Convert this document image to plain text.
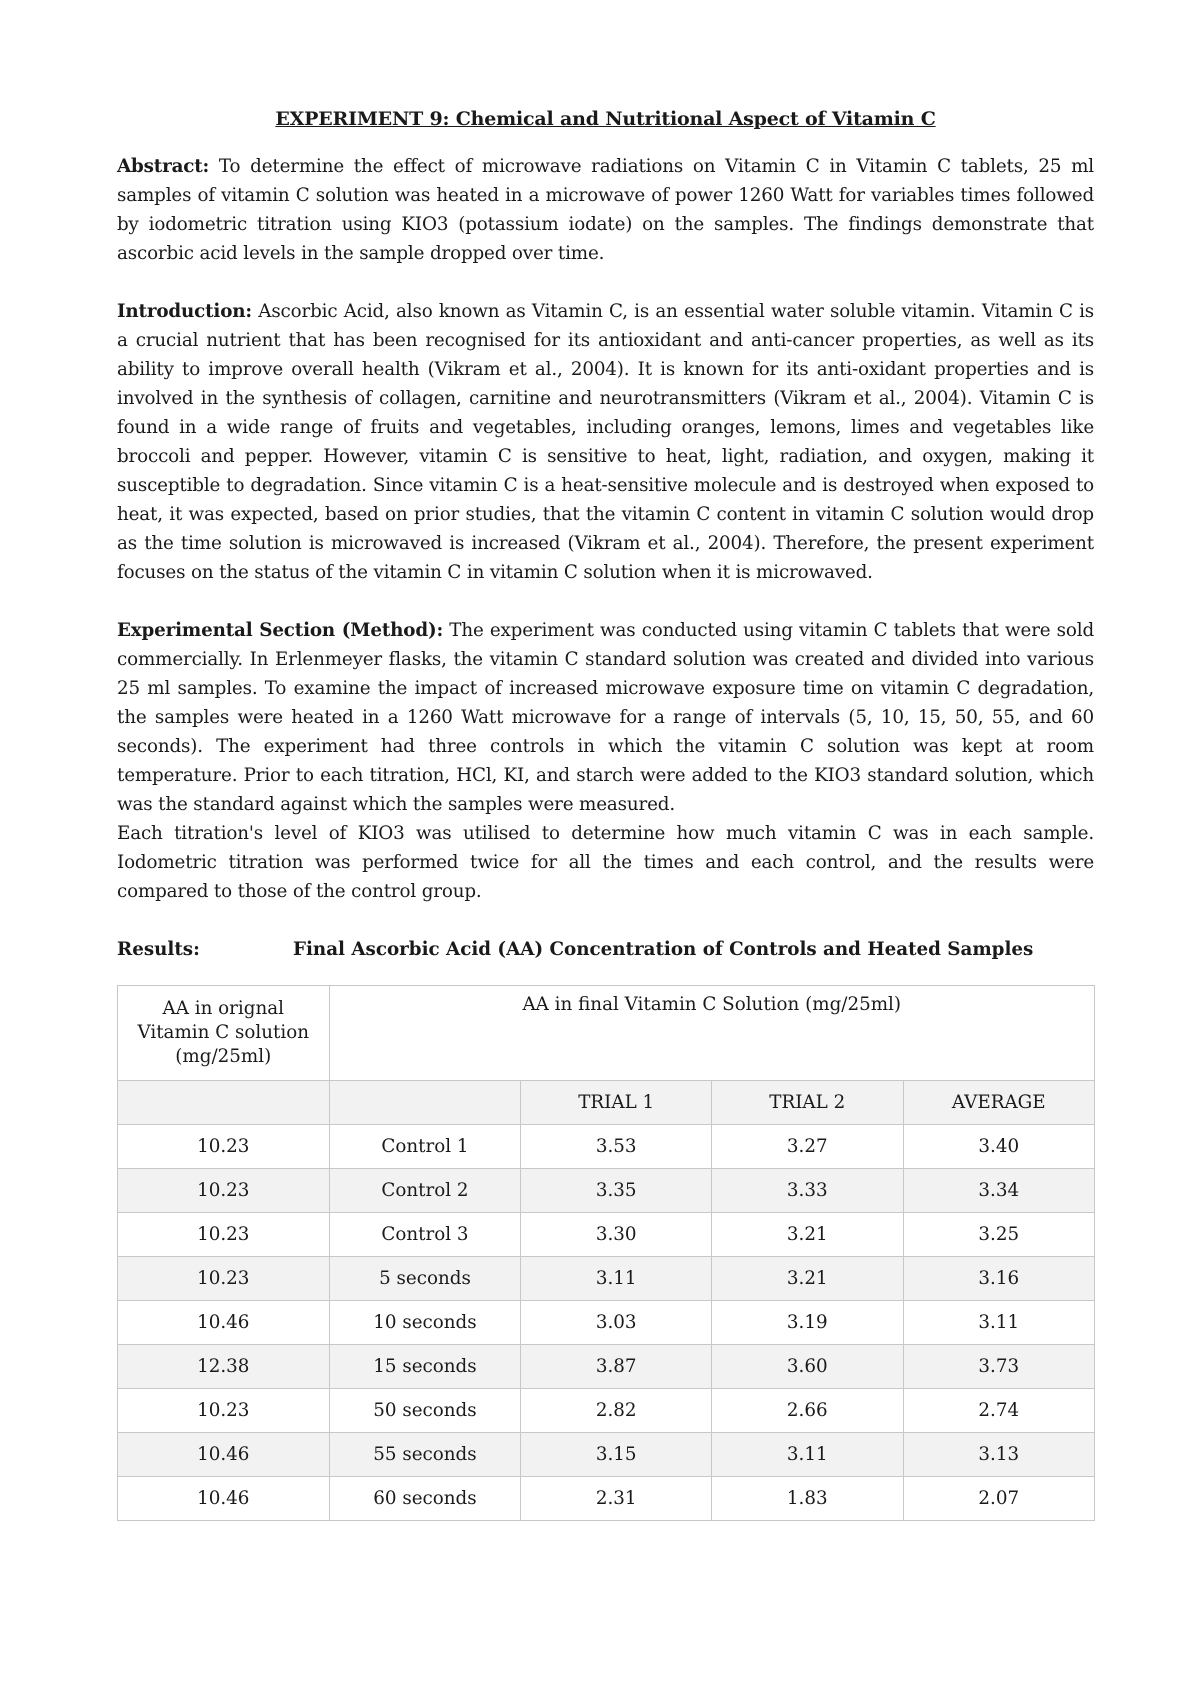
EXPERIMENT 9: Chemical and Nutritional Aspect of Vitamin C

Abstract: To determine the effect of microwave radiations on Vitamin C in Vitamin C tablets, 25 ml samples of vitamin C solution was heated in a microwave of power 1260 Watt for variables times followed by iodometric titration using KIO3 (potassium iodate) on the samples. The findings demonstrate that ascorbic acid levels in the sample dropped over time.

Introduction: Ascorbic Acid, also known as Vitamin C, is an essential water soluble vitamin. Vitamin C is a crucial nutrient that has been recognised for its antioxidant and anti-cancer properties, as well as its ability to improve overall health (Vikram et al., 2004). It is known for its anti-oxidant properties and is involved in the synthesis of collagen, carnitine and neurotransmitters (Vikram et al., 2004). Vitamin C is found in a wide range of fruits and vegetables, including oranges, lemons, limes and vegetables like broccoli and pepper. However, vitamin C is sensitive to heat, light, radiation, and oxygen, making it susceptible to degradation. Since vitamin C is a heat-sensitive molecule and is destroyed when exposed to heat, it was expected, based on prior studies, that the vitamin C content in vitamin C solution would drop as the time solution is microwaved is increased (Vikram et al., 2004). Therefore, the present experiment focuses on the status of the vitamin C in vitamin C solution when it is microwaved.

Experimental Section (Method): The experiment was conducted using vitamin C tablets that were sold commercially. In Erlenmeyer flasks, the vitamin C standard solution was created and divided into various 25 ml samples. To examine the impact of increased microwave exposure time on vitamin C degradation, the samples were heated in a 1260 Watt microwave for a range of intervals (5, 10, 15, 50, 55, and 60 seconds). The experiment had three controls in which the vitamin C solution was kept at room temperature. Prior to each titration, HCl, KI, and starch were added to the KIO3 standard solution, which was the standard against which the samples were measured.

Each titration's level of KIO3 was utilised to determine how much vitamin C was in each sample. Iodometric titration was performed twice for all the times and each control, and the results were compared to those of the control group.

Results:	Final Ascorbic Acid (AA) Concentration of Controls and Heated Samples
AA in orignal Vitamin C solution (mg/25ml)	AA in final Vitamin C Solution (mg/25ml)			
		TRIAL 1	TRIAL 2	AVERAGE
10.23	Control 1	3.53	3.27	3.40
10.23	Control 2	3.35	3.33	3.34
10.23	Control 3	3.30	3.21	3.25
10.23	5 seconds	3.11	3.21	3.16
10.46	10 seconds	3.03	3.19	3.11
12.38	15 seconds	3.87	3.60	3.73
10.23	50 seconds	2.82	2.66	2.74
10.46	55 seconds	3.15	3.11	3.13
10.46	60 seconds	2.31	1.83	2.07
